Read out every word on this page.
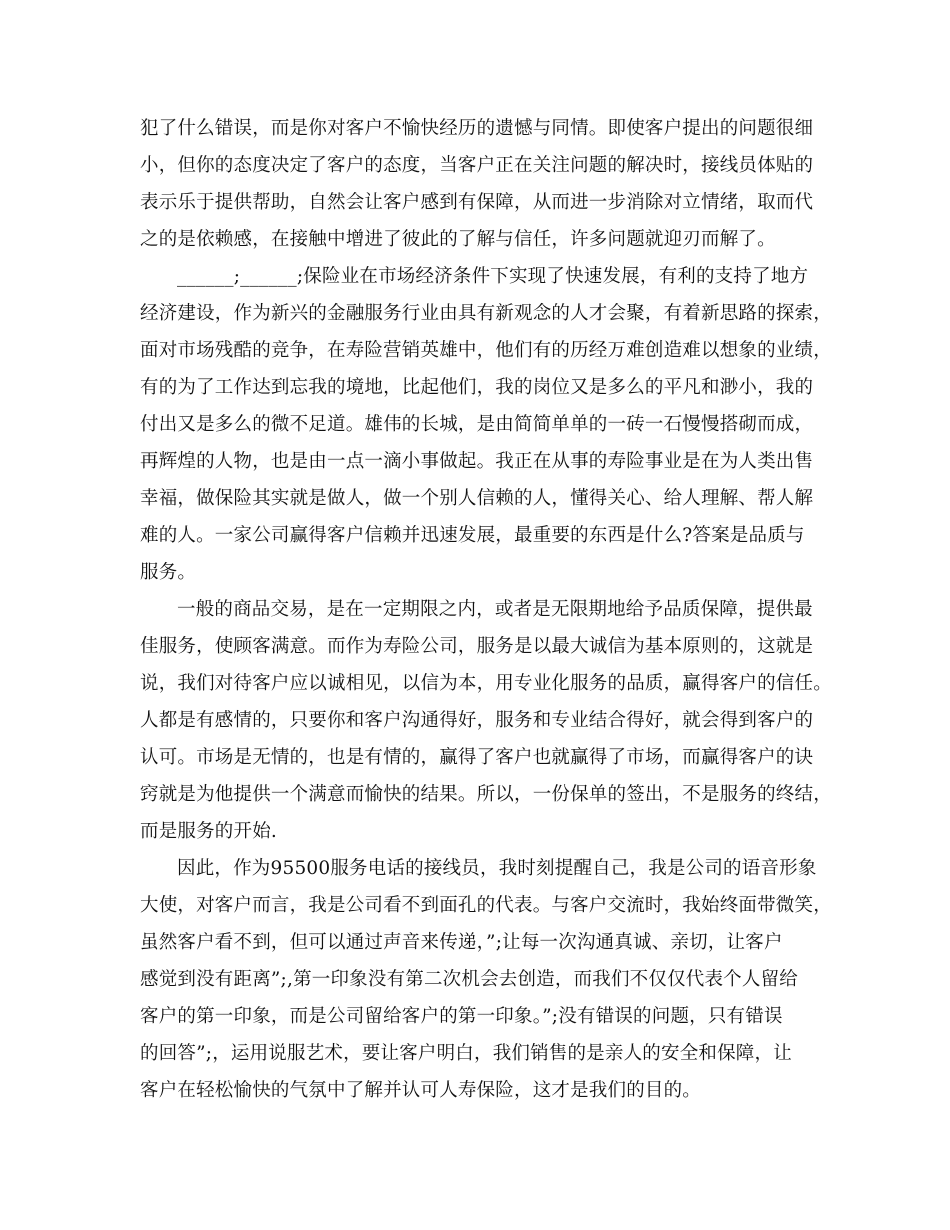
犯了什么错误，而是你对客户不愉快经历的遗憾与同情。即使客户提出的问题很细
小，但你的态度决定了客户的态度，当客户正在关注问题的解决时，接线员体贴的
表示乐于提供帮助，自然会让客户感到有保障，从而进一步消除对立情绪，取而代
之的是依赖感，在接触中增进了彼此的了解与信任，许多问题就迎刃而解了。
______;______;保险业在市场经济条件下实现了快速发展，有利的支持了地方
经济建设，作为新兴的金融服务行业由具有新观念的人才会聚，有着新思路的探索，
面对市场残酷的竞争，在寿险营销英雄中，他们有的历经万难创造难以想象的业绩，
有的为了工作达到忘我的境地，比起他们，我的岗位又是多么的平凡和渺小，我的
付出又是多么的微不足道。雄伟的长城，是由简简单单的一砖一石慢慢搭砌而成，
再辉煌的人物，也是由一点一滴小事做起。我正在从事的寿险事业是在为人类出售
幸福，做保险其实就是做人，做一个别人信赖的人，懂得关心、给人理解、帮人解
难的人。一家公司赢得客户信赖并迅速发展，最重要的东西是什么?答案是品质与
服务。
一般的商品交易，是在一定期限之内，或者是无限期地给予品质保障，提供最
佳服务，使顾客满意。而作为寿险公司，服务是以最大诚信为基本原则的，这就是
说，我们对待客户应以诚相见，以信为本，用专业化服务的品质，赢得客户的信任。
人都是有感情的，只要你和客户沟通得好，服务和专业结合得好，就会得到客户的
认可。市场是无情的，也是有情的，赢得了客户也就赢得了市场，而赢得客户的诀
窍就是为他提供一个满意而愉快的结果。所以，一份保单的签出，不是服务的终结，
而是服务的开始.
因此，作为95500服务电话的接线员，我时刻提醒自己，我是公司的语音形象
大使，对客户而言，我是公司看不到面孔的代表。与客户交流时，我始终面带微笑，
虽然客户看不到，但可以通过声音来传递，”;让每一次沟通真诚、亲切，让客户
感觉到没有距离”;,第一印象没有第二次机会去创造，而我们不仅仅代表个人留给
客户的第一印象，而是公司留给客户的第一印象。”;没有错误的问题，只有错误
的回答”;，运用说服艺术，要让客户明白，我们销售的是亲人的安全和保障，让
客户在轻松愉快的气氛中了解并认可人寿保险，这才是我们的目的。
